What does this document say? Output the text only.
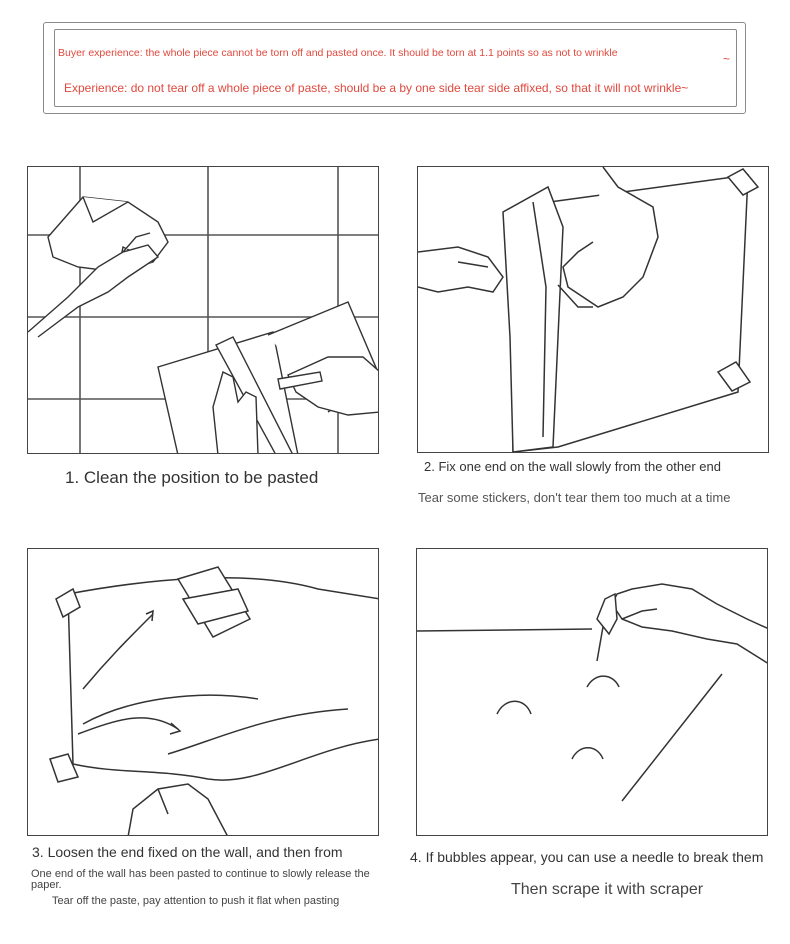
Buyer experience: the whole piece cannot be torn off and pasted once. It should be torn at 1.1 points so as not to wrinkle	~
Experience: do not tear off a whole piece of paste, should be a by one side tear side affixed, so that it will not wrinkle~
1. Clean the position to be pasted
2. Fix one end on the wall slowly from the other end
Tear some stickers, don't tear them too much at a time
3. Loosen the end fixed on the wall, and then from
One end of the wall has been pasted to continue to slowly release the paper.
Tear off the paste, pay attention to push it flat when pasting
4. If bubbles appear, you can use a needle to break them
Then scrape it with scraper
